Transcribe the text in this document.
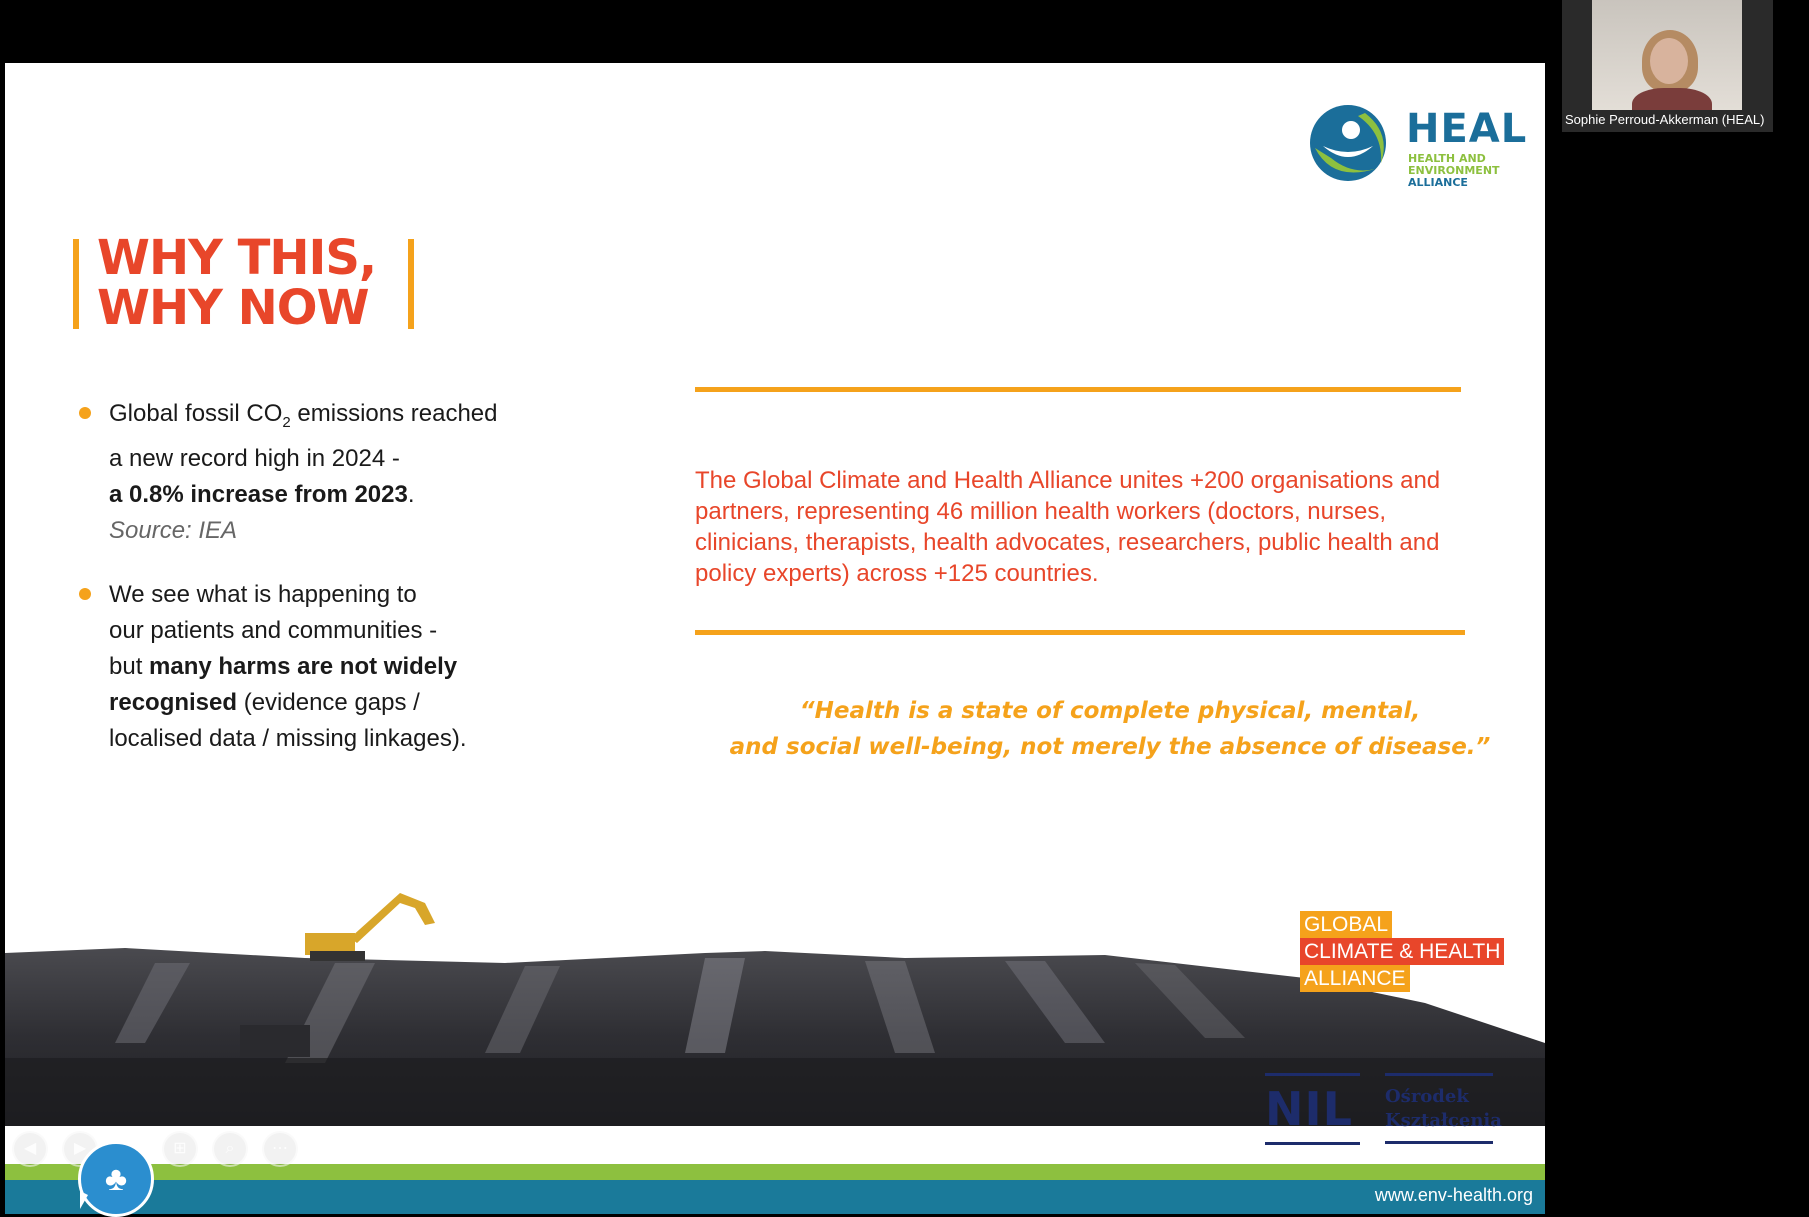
HEAL
HEALTH AND
ENVIRONMENT
ALLIANCE
WHY THIS,
WHY NOW
Global fossil $CO_2$ emissions reached
a new record high in 2024 -
a 0.8% increase from 2023.
Source: IEA
We see what is happening to
our patients and communities -
but many harms are not widely
recognised (evidence gaps /
localised data / missing linkages).
The Global Climate and Health Alliance unites +200 organisations and partners, representing 46 million health workers (doctors, nurses, clinicians, therapists, health advocates, researchers, public health and policy experts) across +125 countries.
“Health is a state of complete physical, mental,
and social well-being, not merely the absence of disease.”
GLOBAL
CLIMATE & HEALTH
ALLIANCE
NIL	Ośrodek
Kształcenia
www.env-health.org
◀	▶	⊞	⌕	⋯
♣
Sophie Perroud-Akkerman (HEAL)
